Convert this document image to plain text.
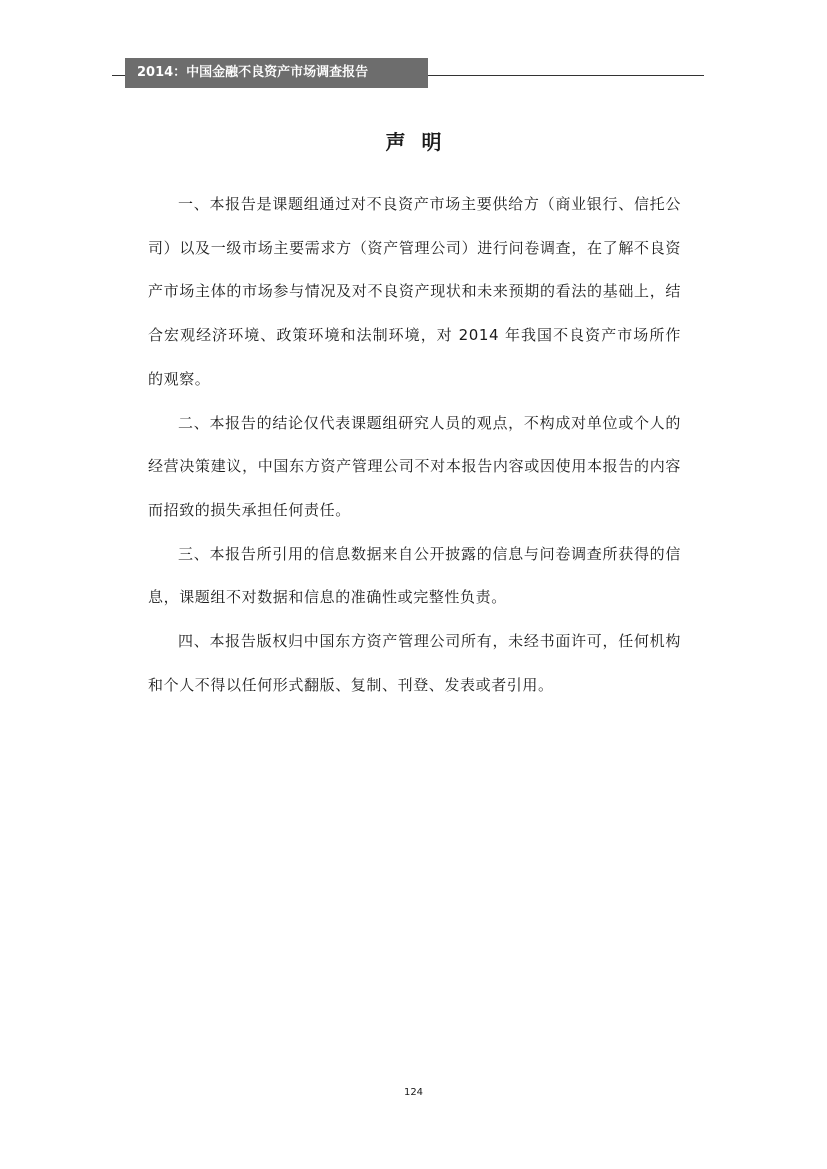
2014：中国金融不良资产市场调查报告
声明

一、本报告是课题组通过对不良资产市场主要供给方（商业银行、信托公司）以及一级市场主要需求方（资产管理公司）进行问卷调查，在了解不良资产市场主体的市场参与情况及对不良资产现状和未来预期的看法的基础上，结合宏观经济环境、政策环境和法制环境，对 2014 年我国不良资产市场所作的观察。

二、本报告的结论仅代表课题组研究人员的观点，不构成对单位或个人的经营决策建议，中国东方资产管理公司不对本报告内容或因使用本报告的内容而招致的损失承担任何责任。

三、本报告所引用的信息数据来自公开披露的信息与问卷调查所获得的信息，课题组不对数据和信息的准确性或完整性负责。

四、本报告版权归中国东方资产管理公司所有，未经书面许可，任何机构和个人不得以任何形式翻版、复制、刊登、发表或者引用。

124
